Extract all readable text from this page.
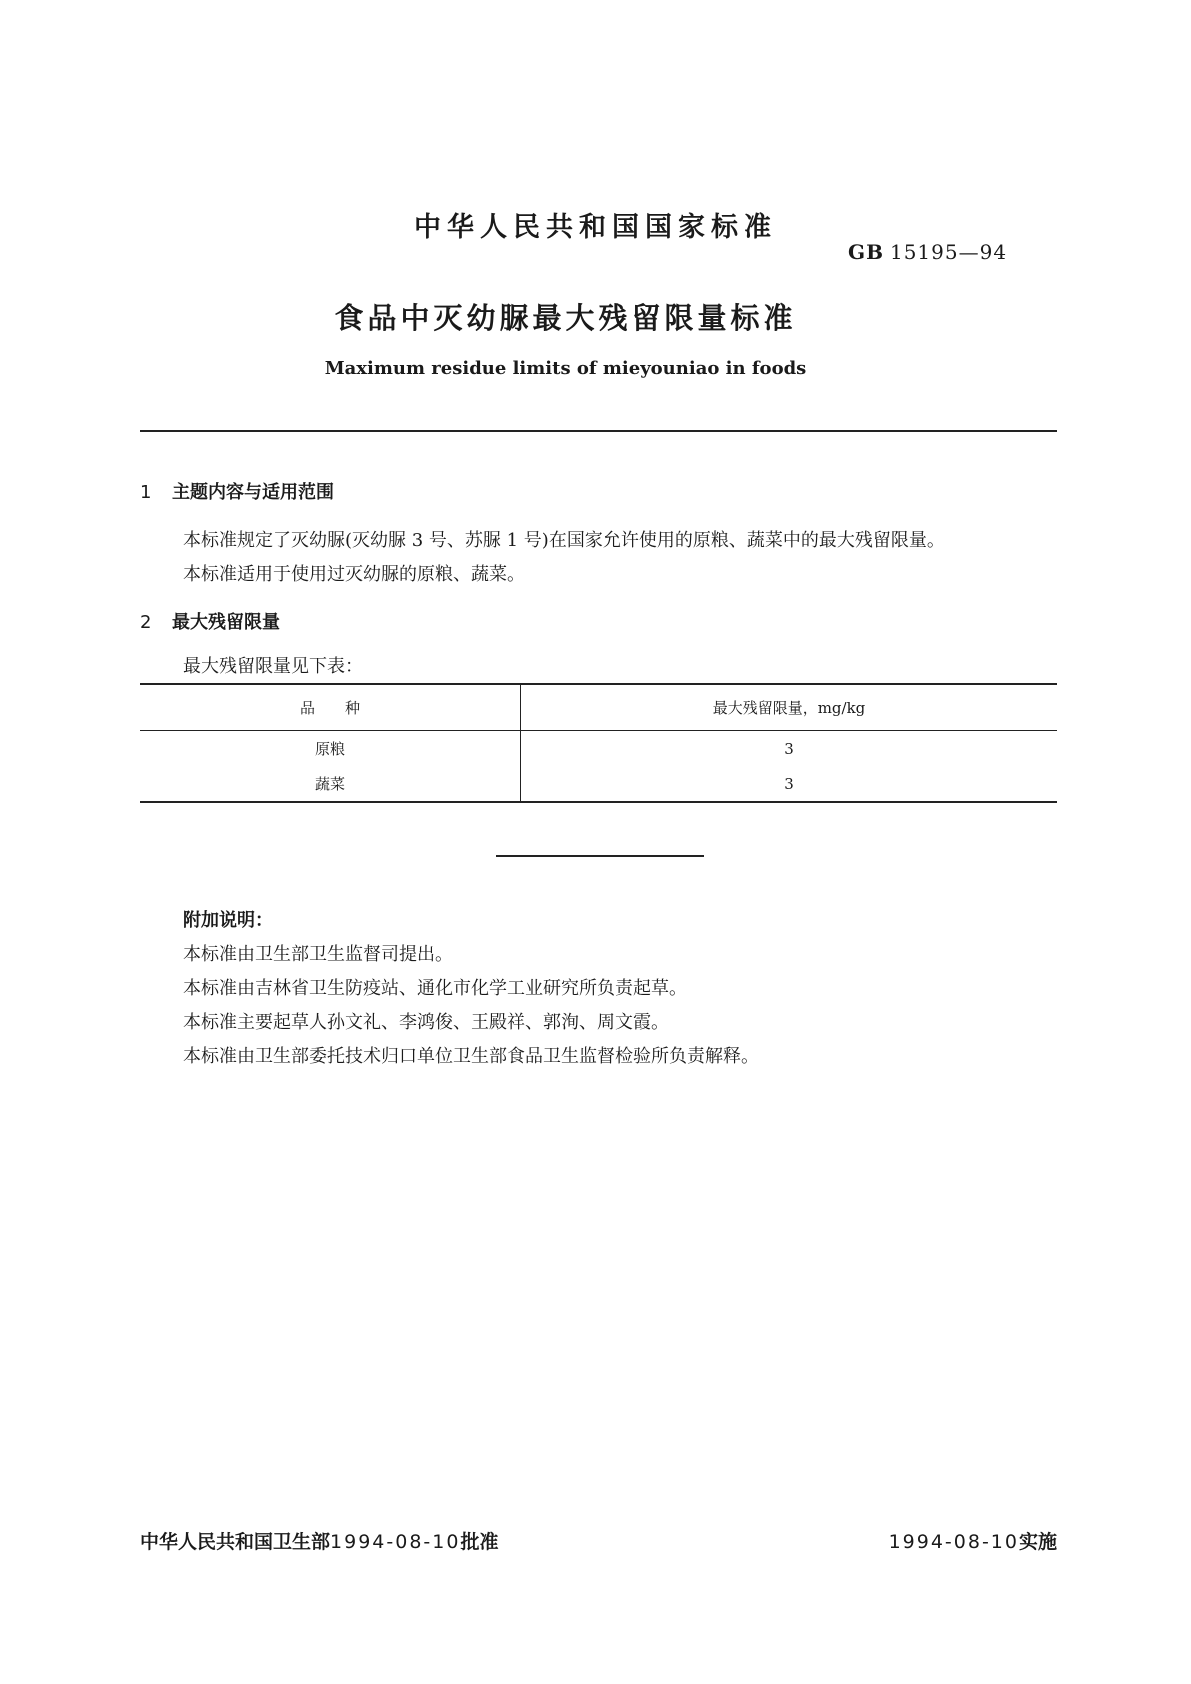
中华人民共和国国家标准
GB 15195—94
食品中灭幼脲最大残留限量标准
Maximum residue limits of mieyouniao in foods
1 主题内容与适用范围
本标准规定了灭幼脲(灭幼脲 3 号、苏脲 1 号)在国家允许使用的原粮、蔬菜中的最大残留限量。
本标准适用于使用过灭幼脲的原粮、蔬菜。
2 最大残留限量
最大残留限量见下表：
品　　种	最大残留限量，mg/kg
原粮	3
蔬菜	3
附加说明：
本标准由卫生部卫生监督司提出。
本标准由吉林省卫生防疫站、通化市化学工业研究所负责起草。
本标准主要起草人孙文礼、李鸿俊、王殿祥、郭洵、周文霞。
本标准由卫生部委托技术归口单位卫生部食品卫生监督检验所负责解释。
中华人民共和国卫生部1994-08-10批准	1994-08-10实施
